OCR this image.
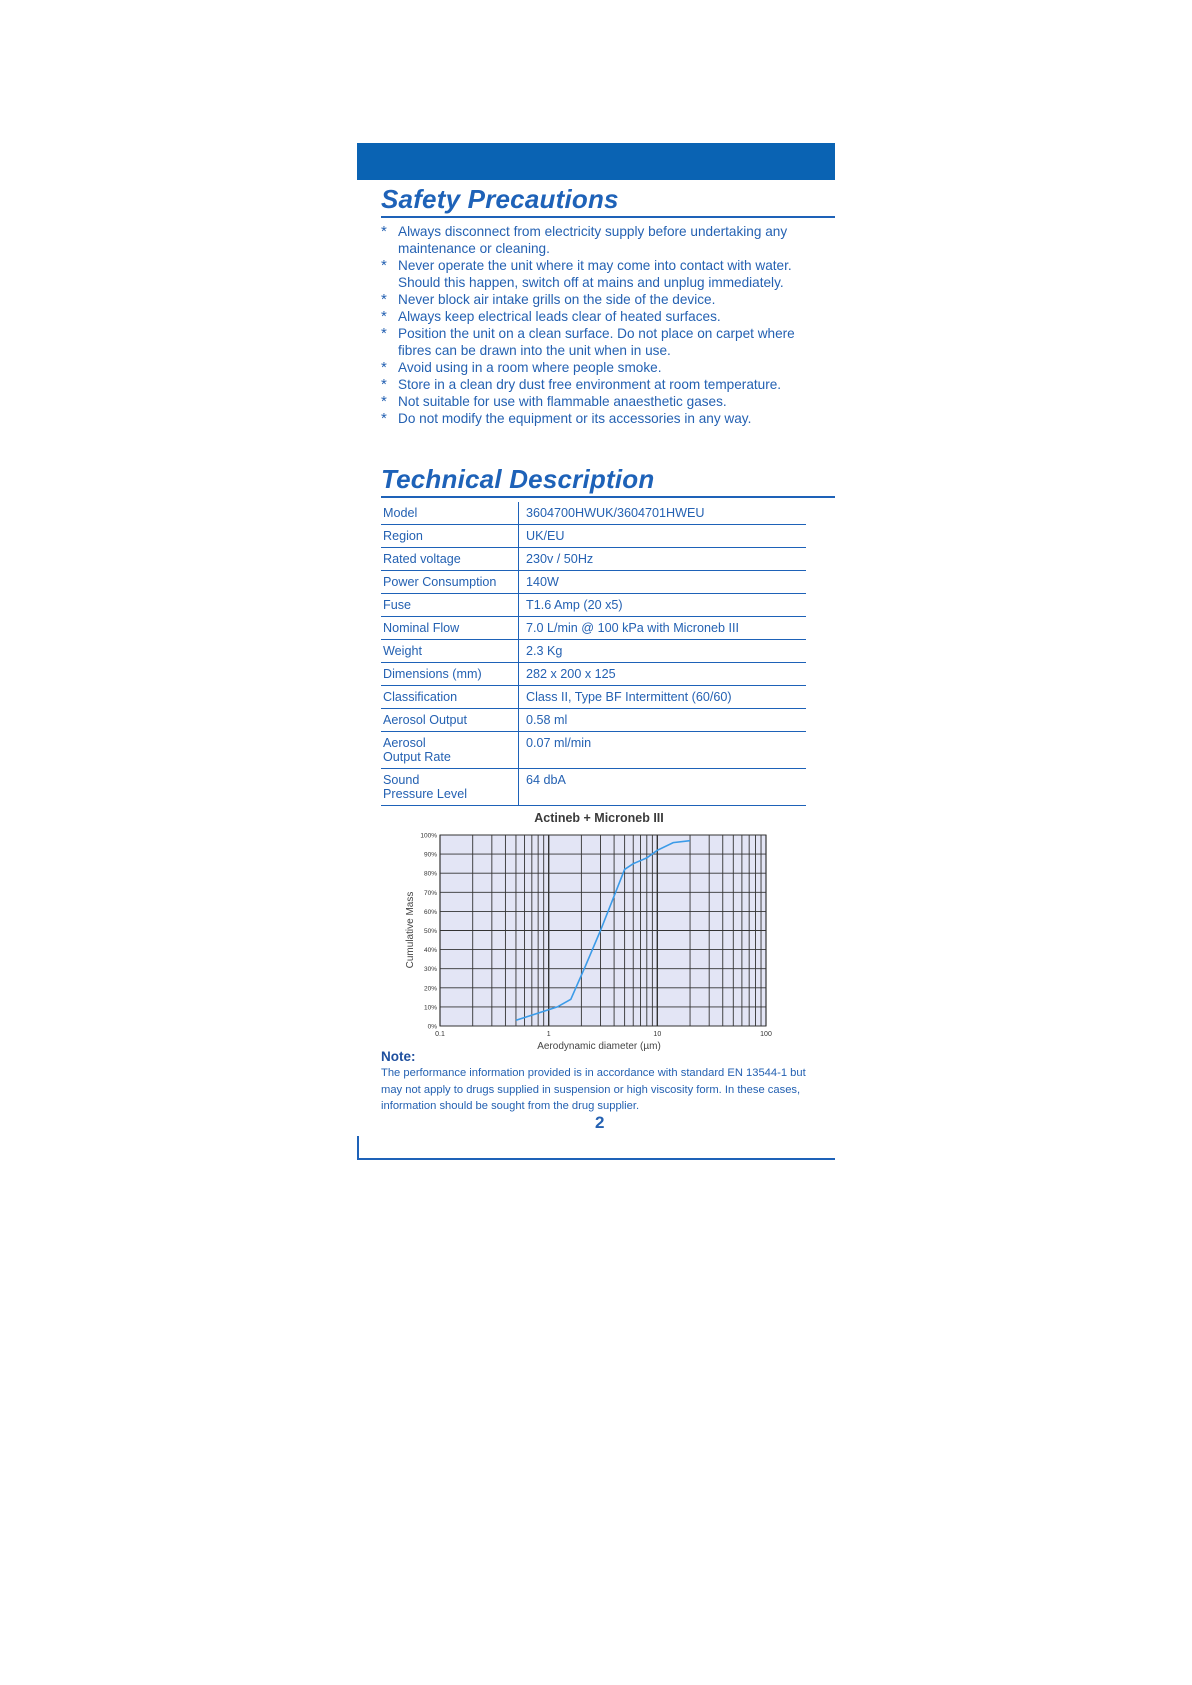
Safety Precautions
* Always disconnect from electricity supply before undertaking any maintenance or cleaning.
* Never operate the unit where it may come into contact with water. Should this happen, switch off at mains and unplug immediately.
* Never block air intake grills on the side of the device.
* Always keep electrical leads clear of heated surfaces.
* Position the unit on a clean surface. Do not place on carpet where fibres can be drawn into the unit when in use.
* Avoid using in a room where people smoke.
* Store in a clean dry dust free environment at room temperature.
* Not suitable for use with flammable anaesthetic gases.
* Do not modify the equipment or its accessories in any way.
Technical Description
Model	3604700HWUK/3604701HWEU
Region	UK/EU
Rated voltage	230v / 50Hz
Power Consumption	140W
Fuse	T1.6 Amp (20 x5)
Nominal Flow	7.0 L/min @ 100 kPa with Microneb III
Weight	2.3 Kg
Dimensions (mm)	282 x 200 x 125
Classification	Class II, Type BF Intermittent (60/60)
Aerosol Output	0.58 ml
Aerosol
Output Rate	0.07 ml/min
Sound
Pressure Level	64 dbA
Actineb + Microneb III
0%
10%
20%
30%
40%
50%
60%
70%
80%
90%
100%
0.1	1	10	100
Cumulative Mass
Aerodynamic diameter (µm)
Note:
The performance information provided is in accordance with standard EN 13544-1 but may not apply to drugs supplied in suspension or high viscosity form. In these cases, information should be sought from the drug supplier.
2
